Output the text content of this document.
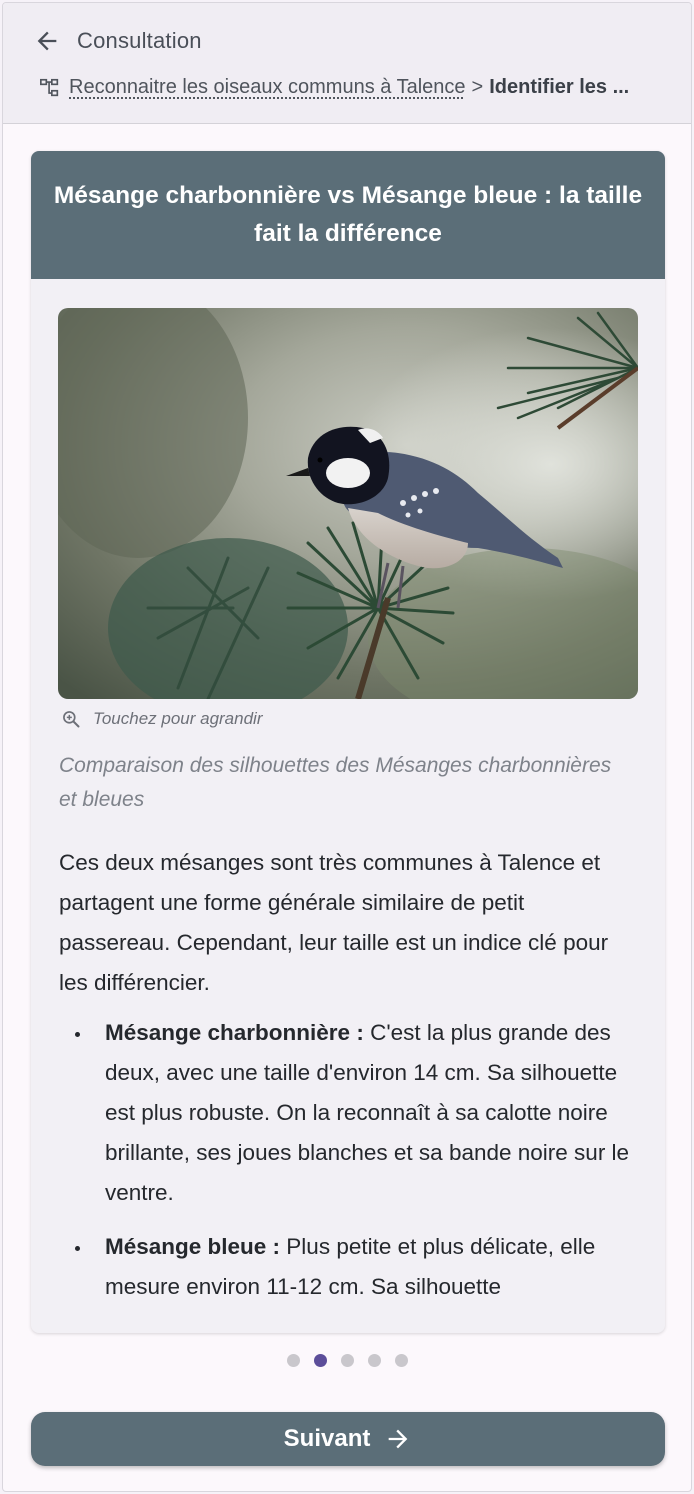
Consultation
Reconnaitre les oiseaux communs à Talence > Identifier les ...
Mésange charbonnière vs Mésange bleue : la taille fait la différence
Touchez pour agrandir
Comparaison des silhouettes des Mésanges charbonnières et bleues

Ces deux mésanges sont très communes à Talence et partagent une forme générale similaire de petit passereau. Cependant, leur taille est un indice clé pour les différencier.

Mésange charbonnière : C'est la plus grande des deux, avec une taille d'environ 14 cm. Sa silhouette est plus robuste. On la reconnaît à sa calotte noire brillante, ses joues blanches et sa bande noire sur le ventre.
Mésange bleue : Plus petite et plus délicate, elle mesure environ 11-12 cm. Sa silhouette
Suivant
